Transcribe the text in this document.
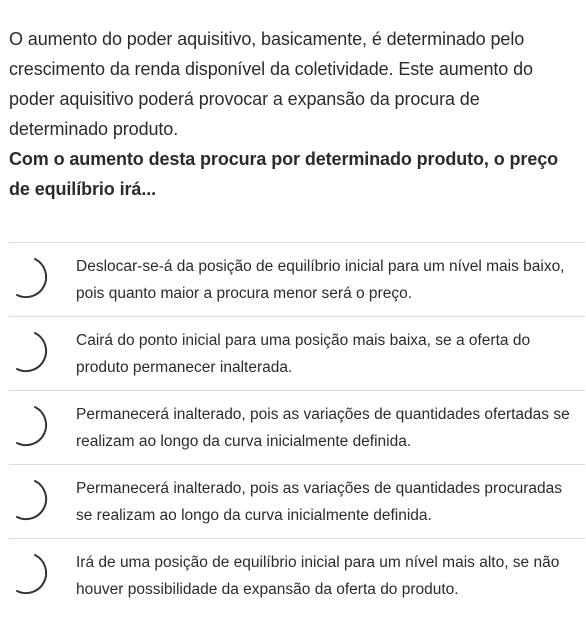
O aumento do poder aquisitivo, basicamente, é determinado pelo crescimento da renda disponível da coletividade. Este aumento do poder aquisitivo poderá provocar a expansão da procura de determinado produto.

Com o aumento desta procura por determinado produto, o preço de equilíbrio irá...

Deslocar-se-á da posição de equilíbrio inicial para um nível mais baixo, pois quanto maior a procura menor será o preço.
Cairá do ponto inicial para uma posição mais baixa, se a oferta do produto permanecer inalterada.
Permanecerá inalterado, pois as variações de quantidades ofertadas se realizam ao longo da curva inicialmente definida.
Permanecerá inalterado, pois as variações de quantidades procuradas se realizam ao longo da curva inicialmente definida.
Irá de uma posição de equilíbrio inicial para um nível mais alto, se não houver possibilidade da expansão da oferta do produto.
